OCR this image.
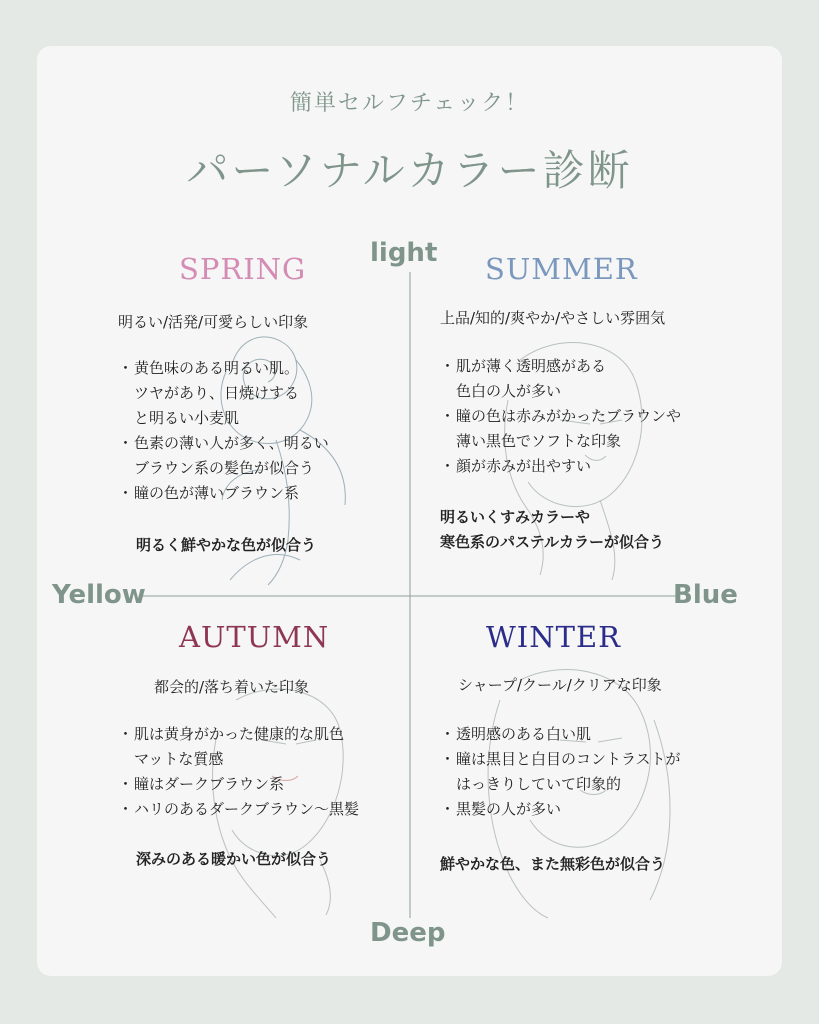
簡単セルフチェック！
パーソナルカラー診断
light
Deep
Yellow	Blue
SPRING
明るい/活発/可愛らしい印象
・ 黄色味のある明るい肌。
ツヤがあり、日焼けする
と明るい小麦肌
・ 色素の薄い人が多く、明るい
ブラウン系の髪色が似合う
・ 瞳の色が薄いブラウン系
明るく鮮やかな色が似合う
SUMMER
上品/知的/爽やか/やさしい雰囲気
・ 肌が薄く透明感がある
色白の人が多い
・ 瞳の色は赤みがかったブラウンや
薄い黒色でソフトな印象
・ 顔が赤みが出やすい
明るいくすみカラーや
寒色系のパステルカラーが似合う
AUTUMN
都会的/落ち着いた印象
・ 肌は黄身がかった健康的な肌色
マットな質感
・ 瞳はダークブラウン系
・ ハリのあるダークブラウン〜黒髪
深みのある暖かい色が似合う
WINTER
シャープ/クール/クリアな印象
・ 透明感のある白い肌
・ 瞳は黒目と白目のコントラストが
はっきりしていて印象的
・ 黒髪の人が多い
鮮やかな色、また無彩色が似合う
